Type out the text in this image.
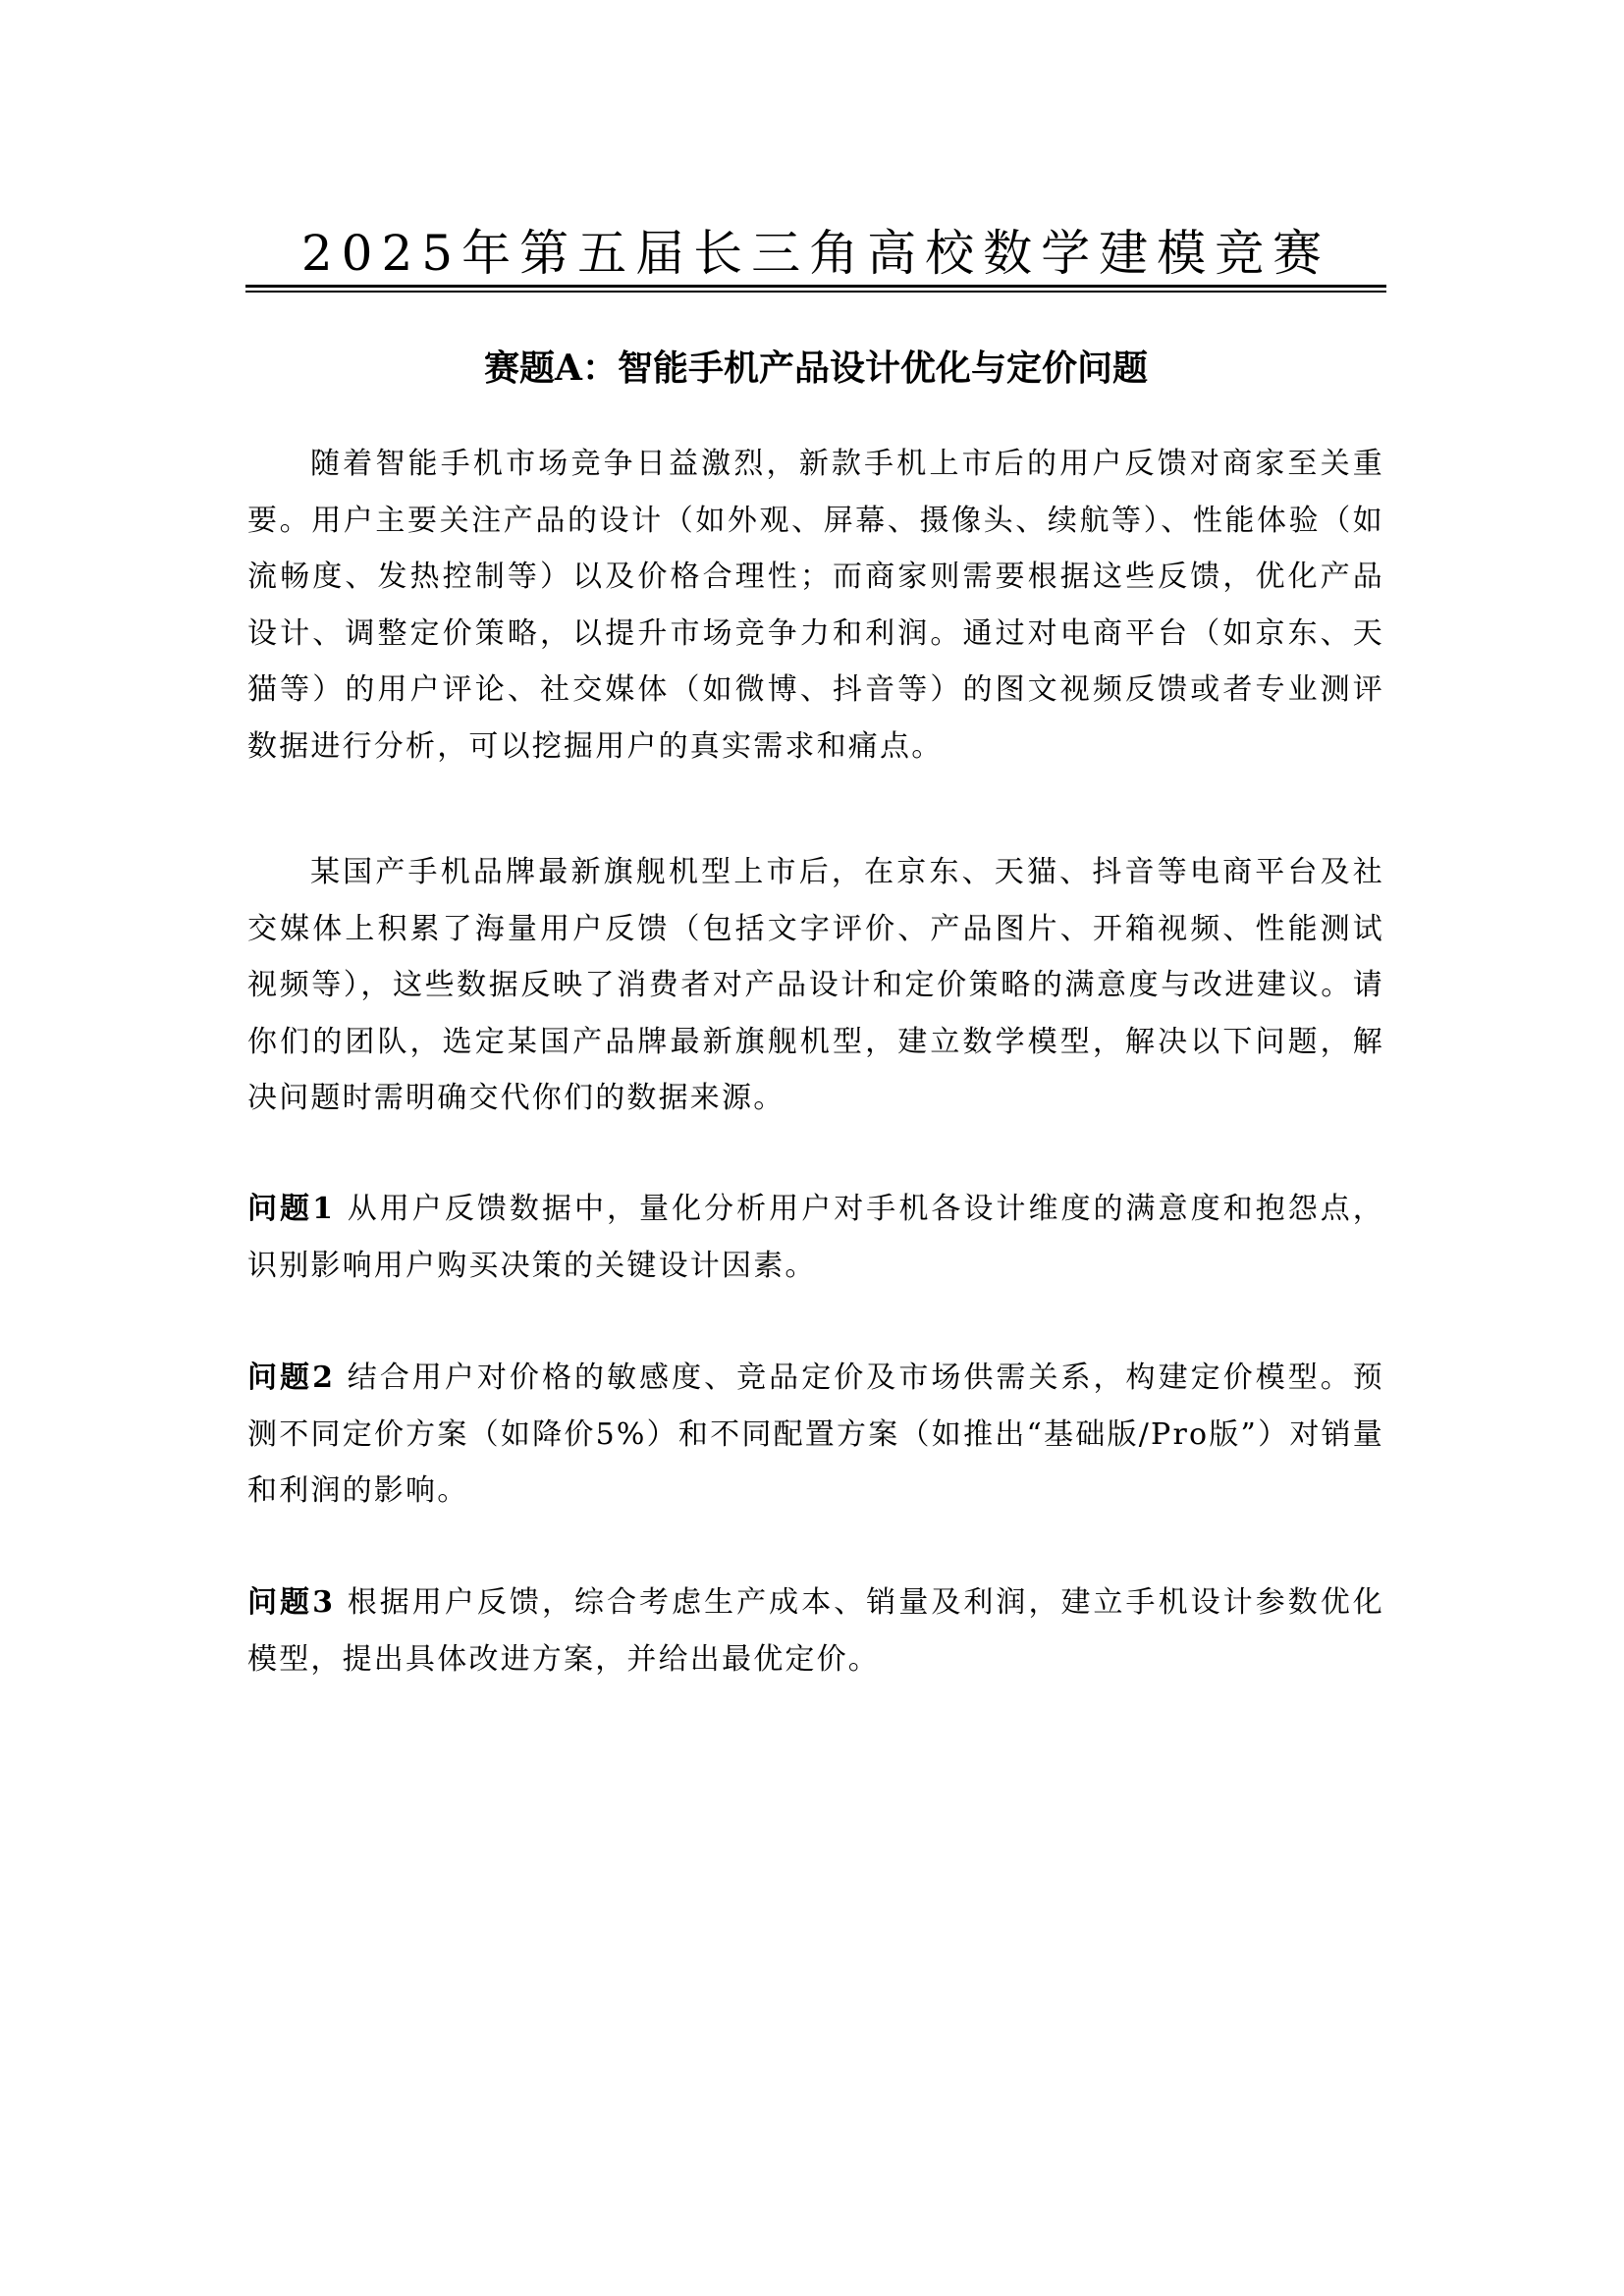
2025年第五届长三角高校数学建模竞赛
赛题A：智能手机产品设计优化与定价问题

随着智能手机市场竞争日益激烈，新款手机上市后的用户反馈对商家至关重要。用户主要关注产品的设计（如外观、屏幕、摄像头、续航等）、性能体验（如流畅度、发热控制等）以及价格合理性；而商家则需要根据这些反馈，优化产品设计、调整定价策略，以提升市场竞争力和利润。通过对电商平台（如京东、天猫等）的用户评论、社交媒体（如微博、抖音等）的图文视频反馈或者专业测评数据进行分析，可以挖掘用户的真实需求和痛点。

某国产手机品牌最新旗舰机型上市后，在京东、天猫、抖音等电商平台及社交媒体上积累了海量用户反馈（包括文字评价、产品图片、开箱视频、性能测试视频等），这些数据反映了消费者对产品设计和定价策略的满意度与改进建议。请你们的团队，选定某国产品牌最新旗舰机型，建立数学模型，解决以下问题，解决问题时需明确交代你们的数据来源。

问题1 从用户反馈数据中，量化分析用户对手机各设计维度的满意度和抱怨点，识别影响用户购买决策的关键设计因素。

问题2 结合用户对价格的敏感度、竞品定价及市场供需关系，构建定价模型。预测不同定价方案（如降价5%）和不同配置方案（如推出“基础版/Pro版”）对销量和利润的影响。

问题3 根据用户反馈，综合考虑生产成本、销量及利润，建立手机设计参数优化模型，提出具体改进方案，并给出最优定价。
